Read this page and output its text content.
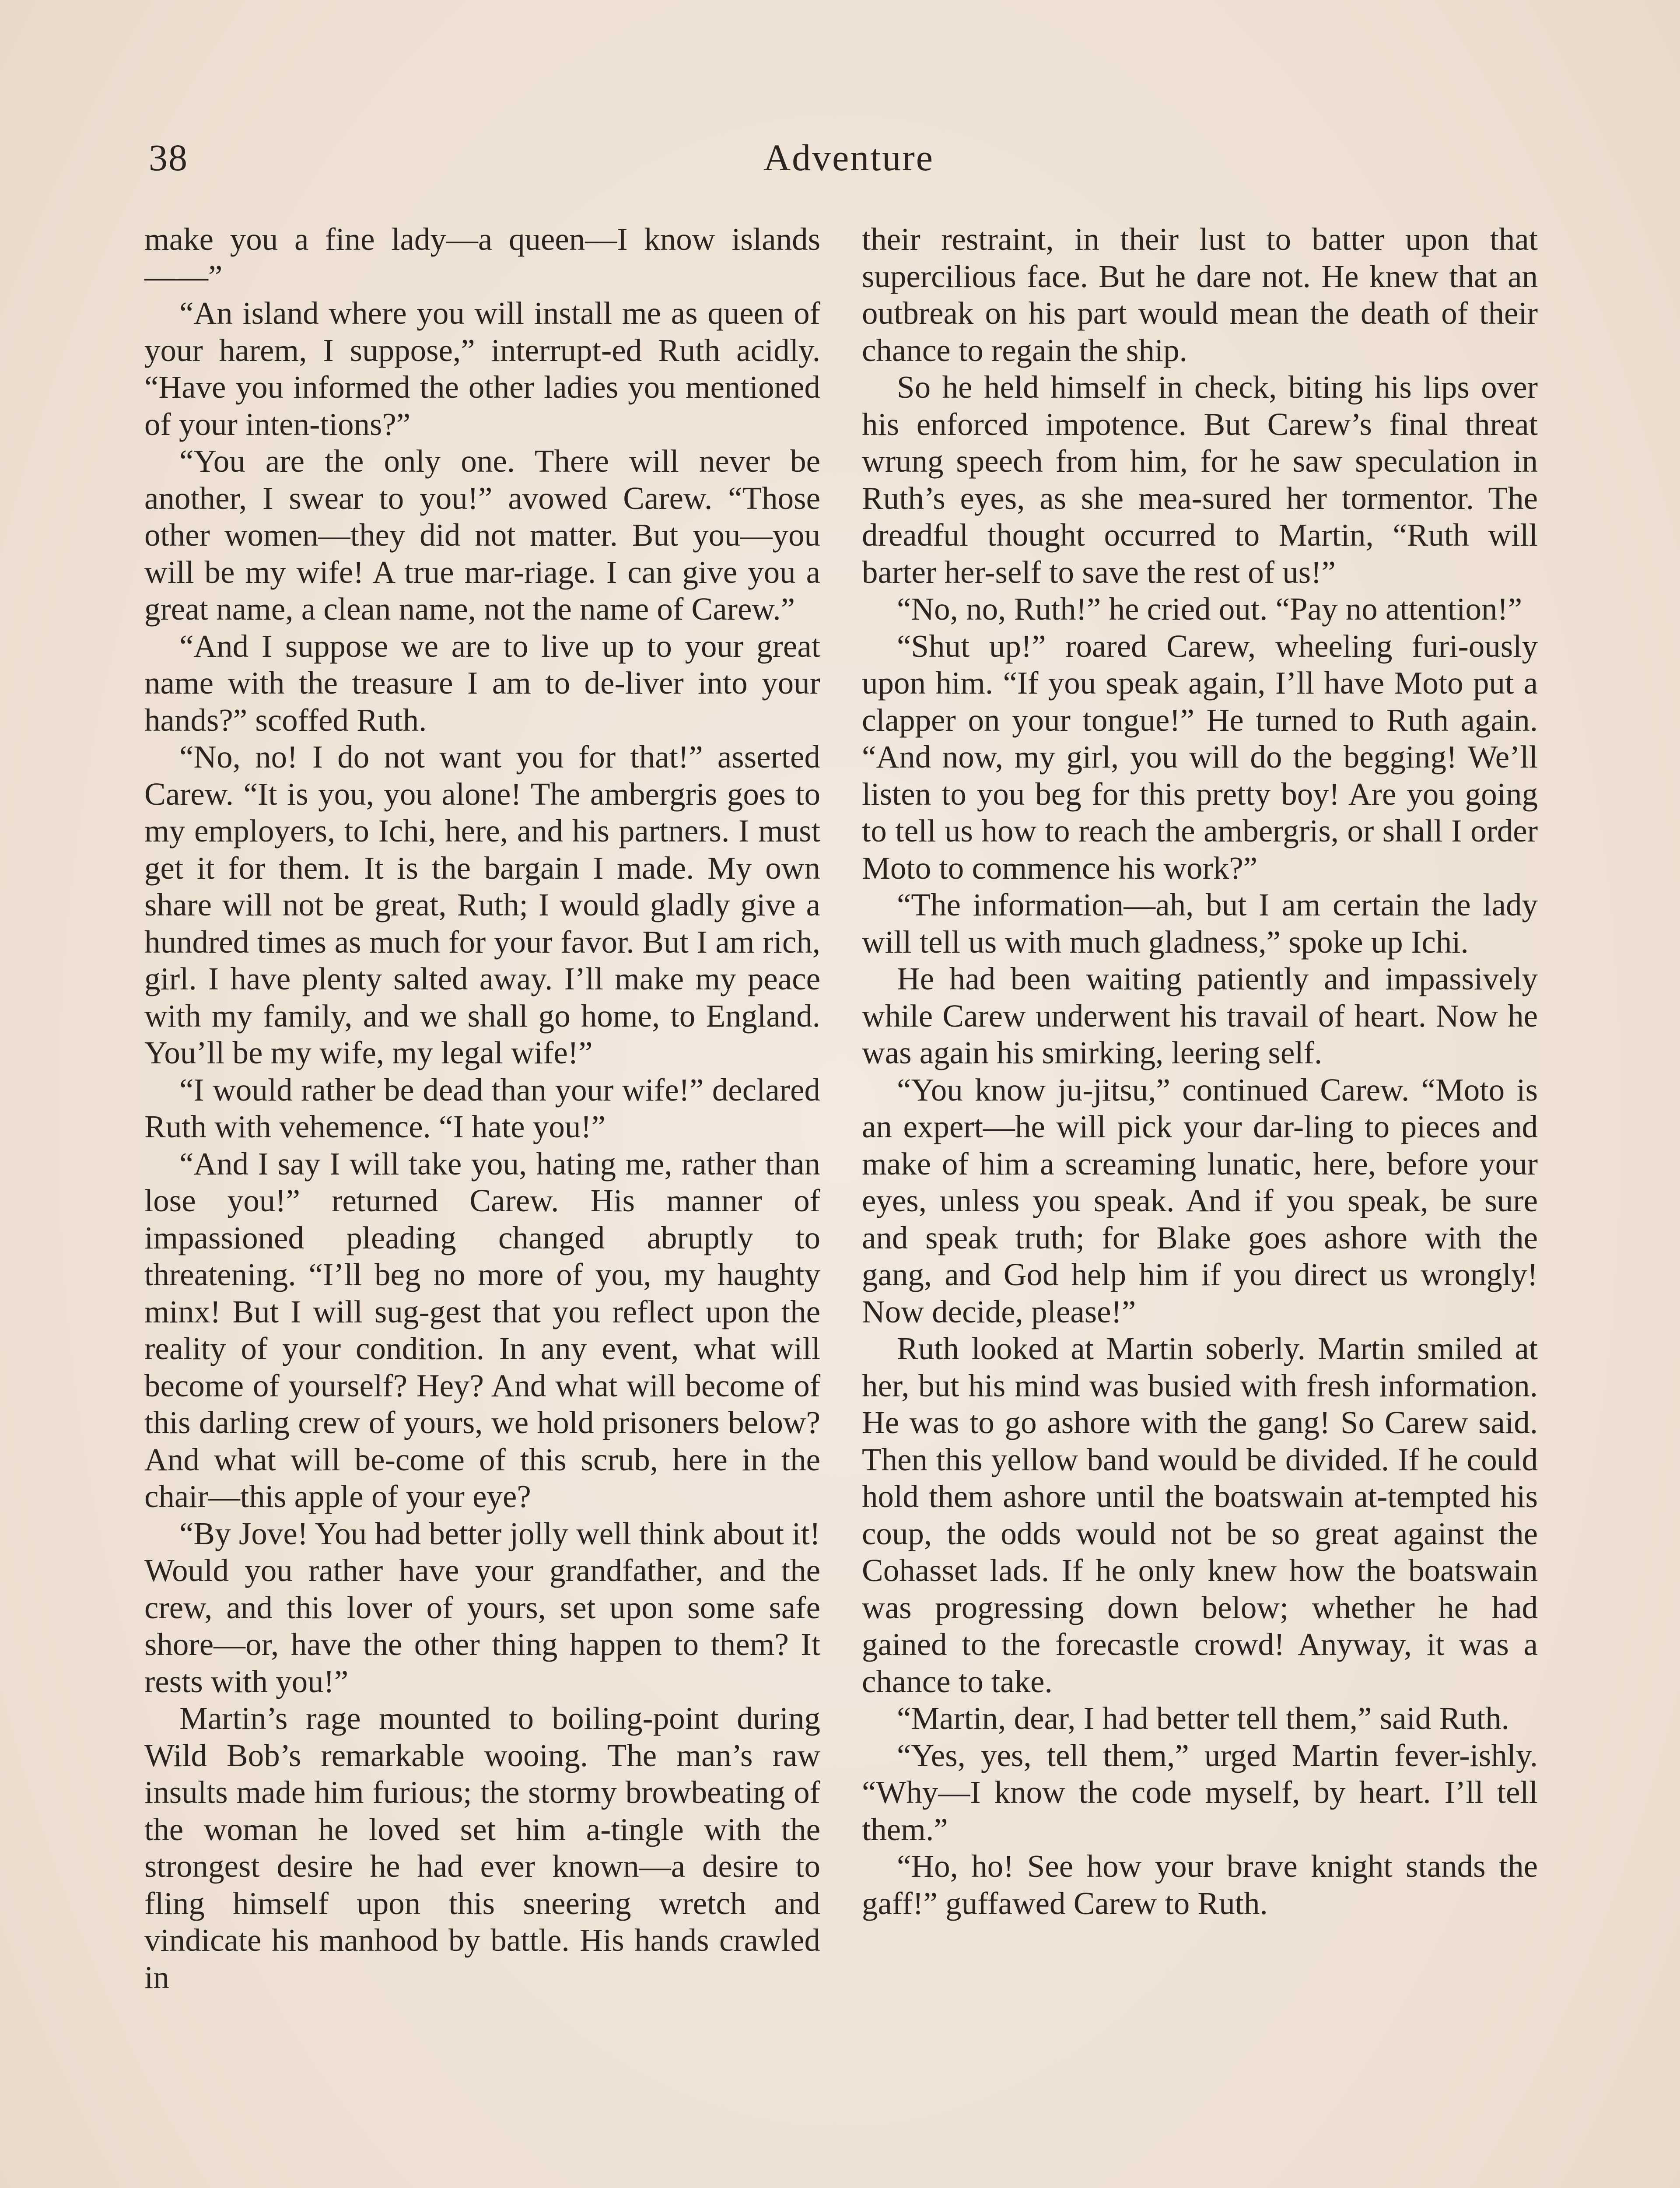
38	Adventure

make you a fine lady—a queen—I know islands——”

“An island where you will install me as queen of your harem, I suppose,” interrupt-ed Ruth acidly. “Have you informed the other ladies you mentioned of your inten-tions?”

“You are the only one. There will never be another, I swear to you!” avowed Carew. “Those other women—they did not matter. But you—you will be my wife! A true mar-riage. I can give you a great name, a clean name, not the name of Carew.”

“And I suppose we are to live up to your great name with the treasure I am to de-liver into your hands?” scoffed Ruth.

“No, no! I do not want you for that!” asserted Carew. “It is you, you alone! The ambergris goes to my employers, to Ichi, here, and his partners. I must get it for them. It is the bargain I made. My own share will not be great, Ruth; I would gladly give a hundred times as much for your favor. But I am rich, girl. I have plenty salted away. I’ll make my peace with my family, and we shall go home, to England. You’ll be my wife, my legal wife!”

“I would rather be dead than your wife!” declared Ruth with vehemence. “I hate you!”

“And I say I will take you, hating me, rather than lose you!” returned Carew. His manner of impassioned pleading changed abruptly to threatening. “I’ll beg no more of you, my haughty minx! But I will sug-gest that you reflect upon the reality of your condition. In any event, what will become of yourself? Hey? And what will become of this darling crew of yours, we hold prisoners below? And what will be-come of this scrub, here in the chair—this apple of your eye?

“By Jove! You had better jolly well think about it! Would you rather have your grandfather, and the crew, and this lover of yours, set upon some safe shore—or, have the other thing happen to them? It rests with you!”

Martin’s rage mounted to boiling-point during Wild Bob’s remarkable wooing. The man’s raw insults made him furious; the stormy browbeating of the woman he loved set him a-tingle with the strongest desire he had ever known—a desire to fling himself upon this sneering wretch and vindicate his manhood by battle. His hands crawled in

their restraint, in their lust to batter upon that supercilious face. But he dare not. He knew that an outbreak on his part would mean the death of their chance to regain the ship.

So he held himself in check, biting his lips over his enforced impotence. But Carew’s final threat wrung speech from him, for he saw speculation in Ruth’s eyes, as she mea-sured her tormentor. The dreadful thought occurred to Martin, “Ruth will barter her-self to save the rest of us!”

“No, no, Ruth!” he cried out. “Pay no attention!”

“Shut up!” roared Carew, wheeling furi-ously upon him. “If you speak again, I’ll have Moto put a clapper on your tongue!” He turned to Ruth again. “And now, my girl, you will do the begging! We’ll listen to you beg for this pretty boy! Are you going to tell us how to reach the ambergris, or shall I order Moto to commence his work?”

“The information—ah, but I am certain the lady will tell us with much gladness,” spoke up Ichi.

He had been waiting patiently and impassively while Carew underwent his travail of heart. Now he was again his smirking, leering self.

“You know ju-jitsu,” continued Carew. “Moto is an expert—he will pick your dar-ling to pieces and make of him a screaming lunatic, here, before your eyes, unless you speak. And if you speak, be sure and speak truth; for Blake goes ashore with the gang, and God help him if you direct us wrongly! Now decide, please!”

Ruth looked at Martin soberly. Martin smiled at her, but his mind was busied with fresh information. He was to go ashore with the gang! So Carew said. Then this yellow band would be divided. If he could hold them ashore until the boatswain at-tempted his coup, the odds would not be so great against the Cohasset lads. If he only knew how the boatswain was progressing down below; whether he had gained to the forecastle crowd! Anyway, it was a chance to take.

“Martin, dear, I had better tell them,” said Ruth.

“Yes, yes, tell them,” urged Martin fever-ishly. “Why—I know the code myself, by heart. I’ll tell them.”

“Ho, ho! See how your brave knight stands the gaff!” guffawed Carew to Ruth.
